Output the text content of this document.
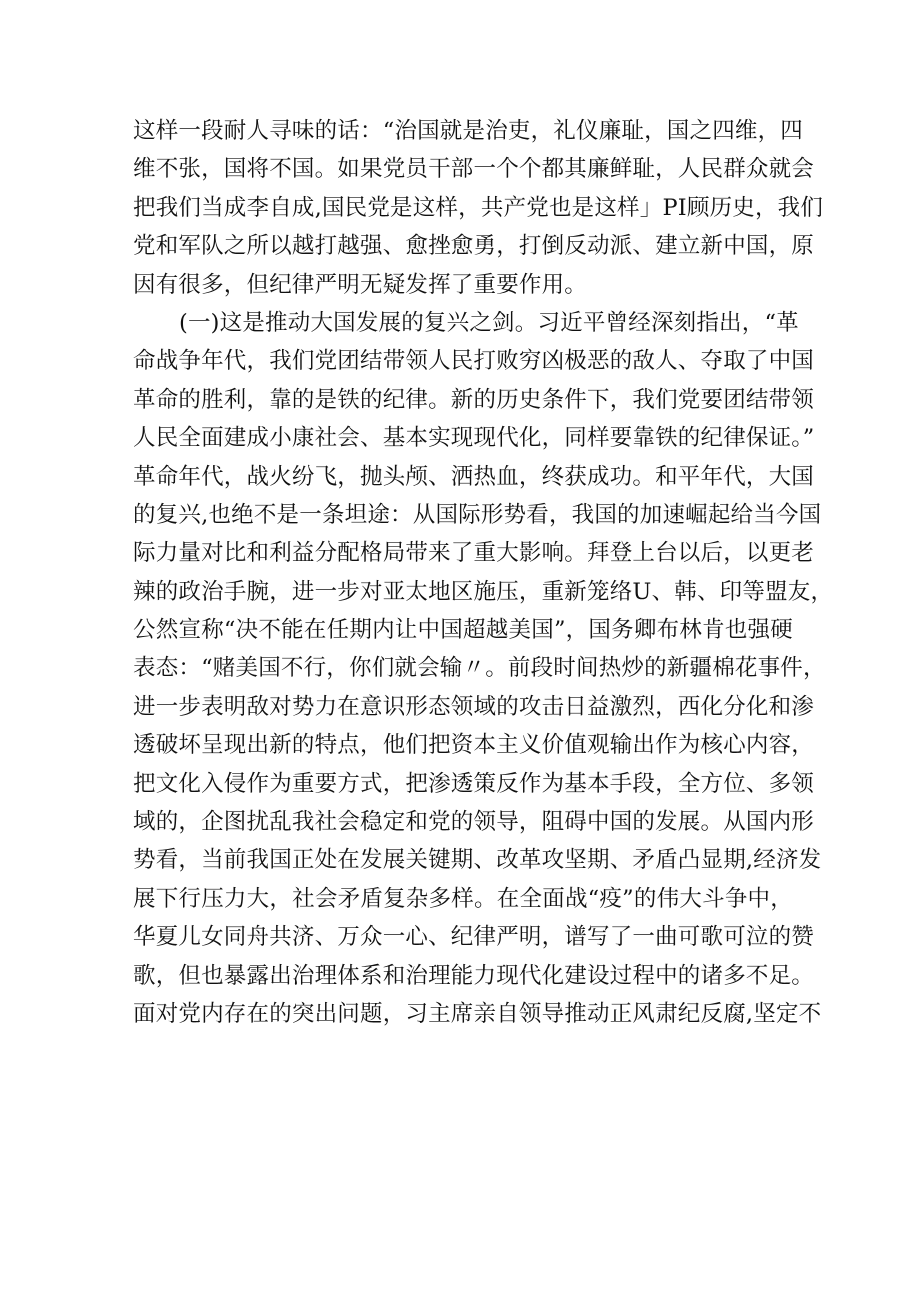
这样一段耐人寻味的话：“治国就是治吏，礼仪廉耻，国之四维，四
维不张，国将不国。如果党员干部一个个都其廉鲜耻，人民群众就会
把我们当成李自成,国民党是这样，共产党也是这样」PI顾历史，我们
党和军队之所以越打越强、愈挫愈勇，打倒反动派、建立新中国，原
因有很多，但纪律严明无疑发挥了重要作用。
(一)这是推动大国发展的复兴之剑。习近平曾经深刻指出，“革
命战争年代，我们党团结带领人民打败穷凶极恶的敌人、夺取了中国
革命的胜利，靠的是铁的纪律。新的历史条件下，我们党要团结带领
人民全面建成小康社会、基本实现现代化，同样要靠铁的纪律保证。”
革命年代，战火纷飞，抛头颅、洒热血，终获成功。和平年代，大国
的复兴,也绝不是一条坦途：从国际形势看，我国的加速崛起给当今国
际力量对比和利益分配格局带来了重大影响。拜登上台以后，以更老
辣的政治手腕，进一步对亚太地区施压，重新笼络U、韩、印等盟友，
公然宣称“决不能在任期内让中国超越美国”，国务卿布林肯也强硬
表态：“赌美国不行，你们就会输〃。前段时间热炒的新疆棉花事件，
进一步表明敌对势力在意识形态领域的攻击日益激烈，西化分化和渗
透破坏呈现出新的特点，他们把资本主义价值观输出作为核心内容，
把文化入侵作为重要方式，把渗透策反作为基本手段，全方位、多领
域的，企图扰乱我社会稳定和党的领导，阻碍中国的发展。从国内形
势看，当前我国正处在发展关键期、改革攻坚期、矛盾凸显期,经济发
展下行压力大，社会矛盾复杂多样。在全面战“疫”的伟大斗争中，
华夏儿女同舟共济、万众一心、纪律严明，谱写了一曲可歌可泣的赞
歌，但也暴露出治理体系和治理能力现代化建设过程中的诸多不足。
面对党内存在的突出问题，习主席亲自领导推动正风肃纪反腐,坚定不
